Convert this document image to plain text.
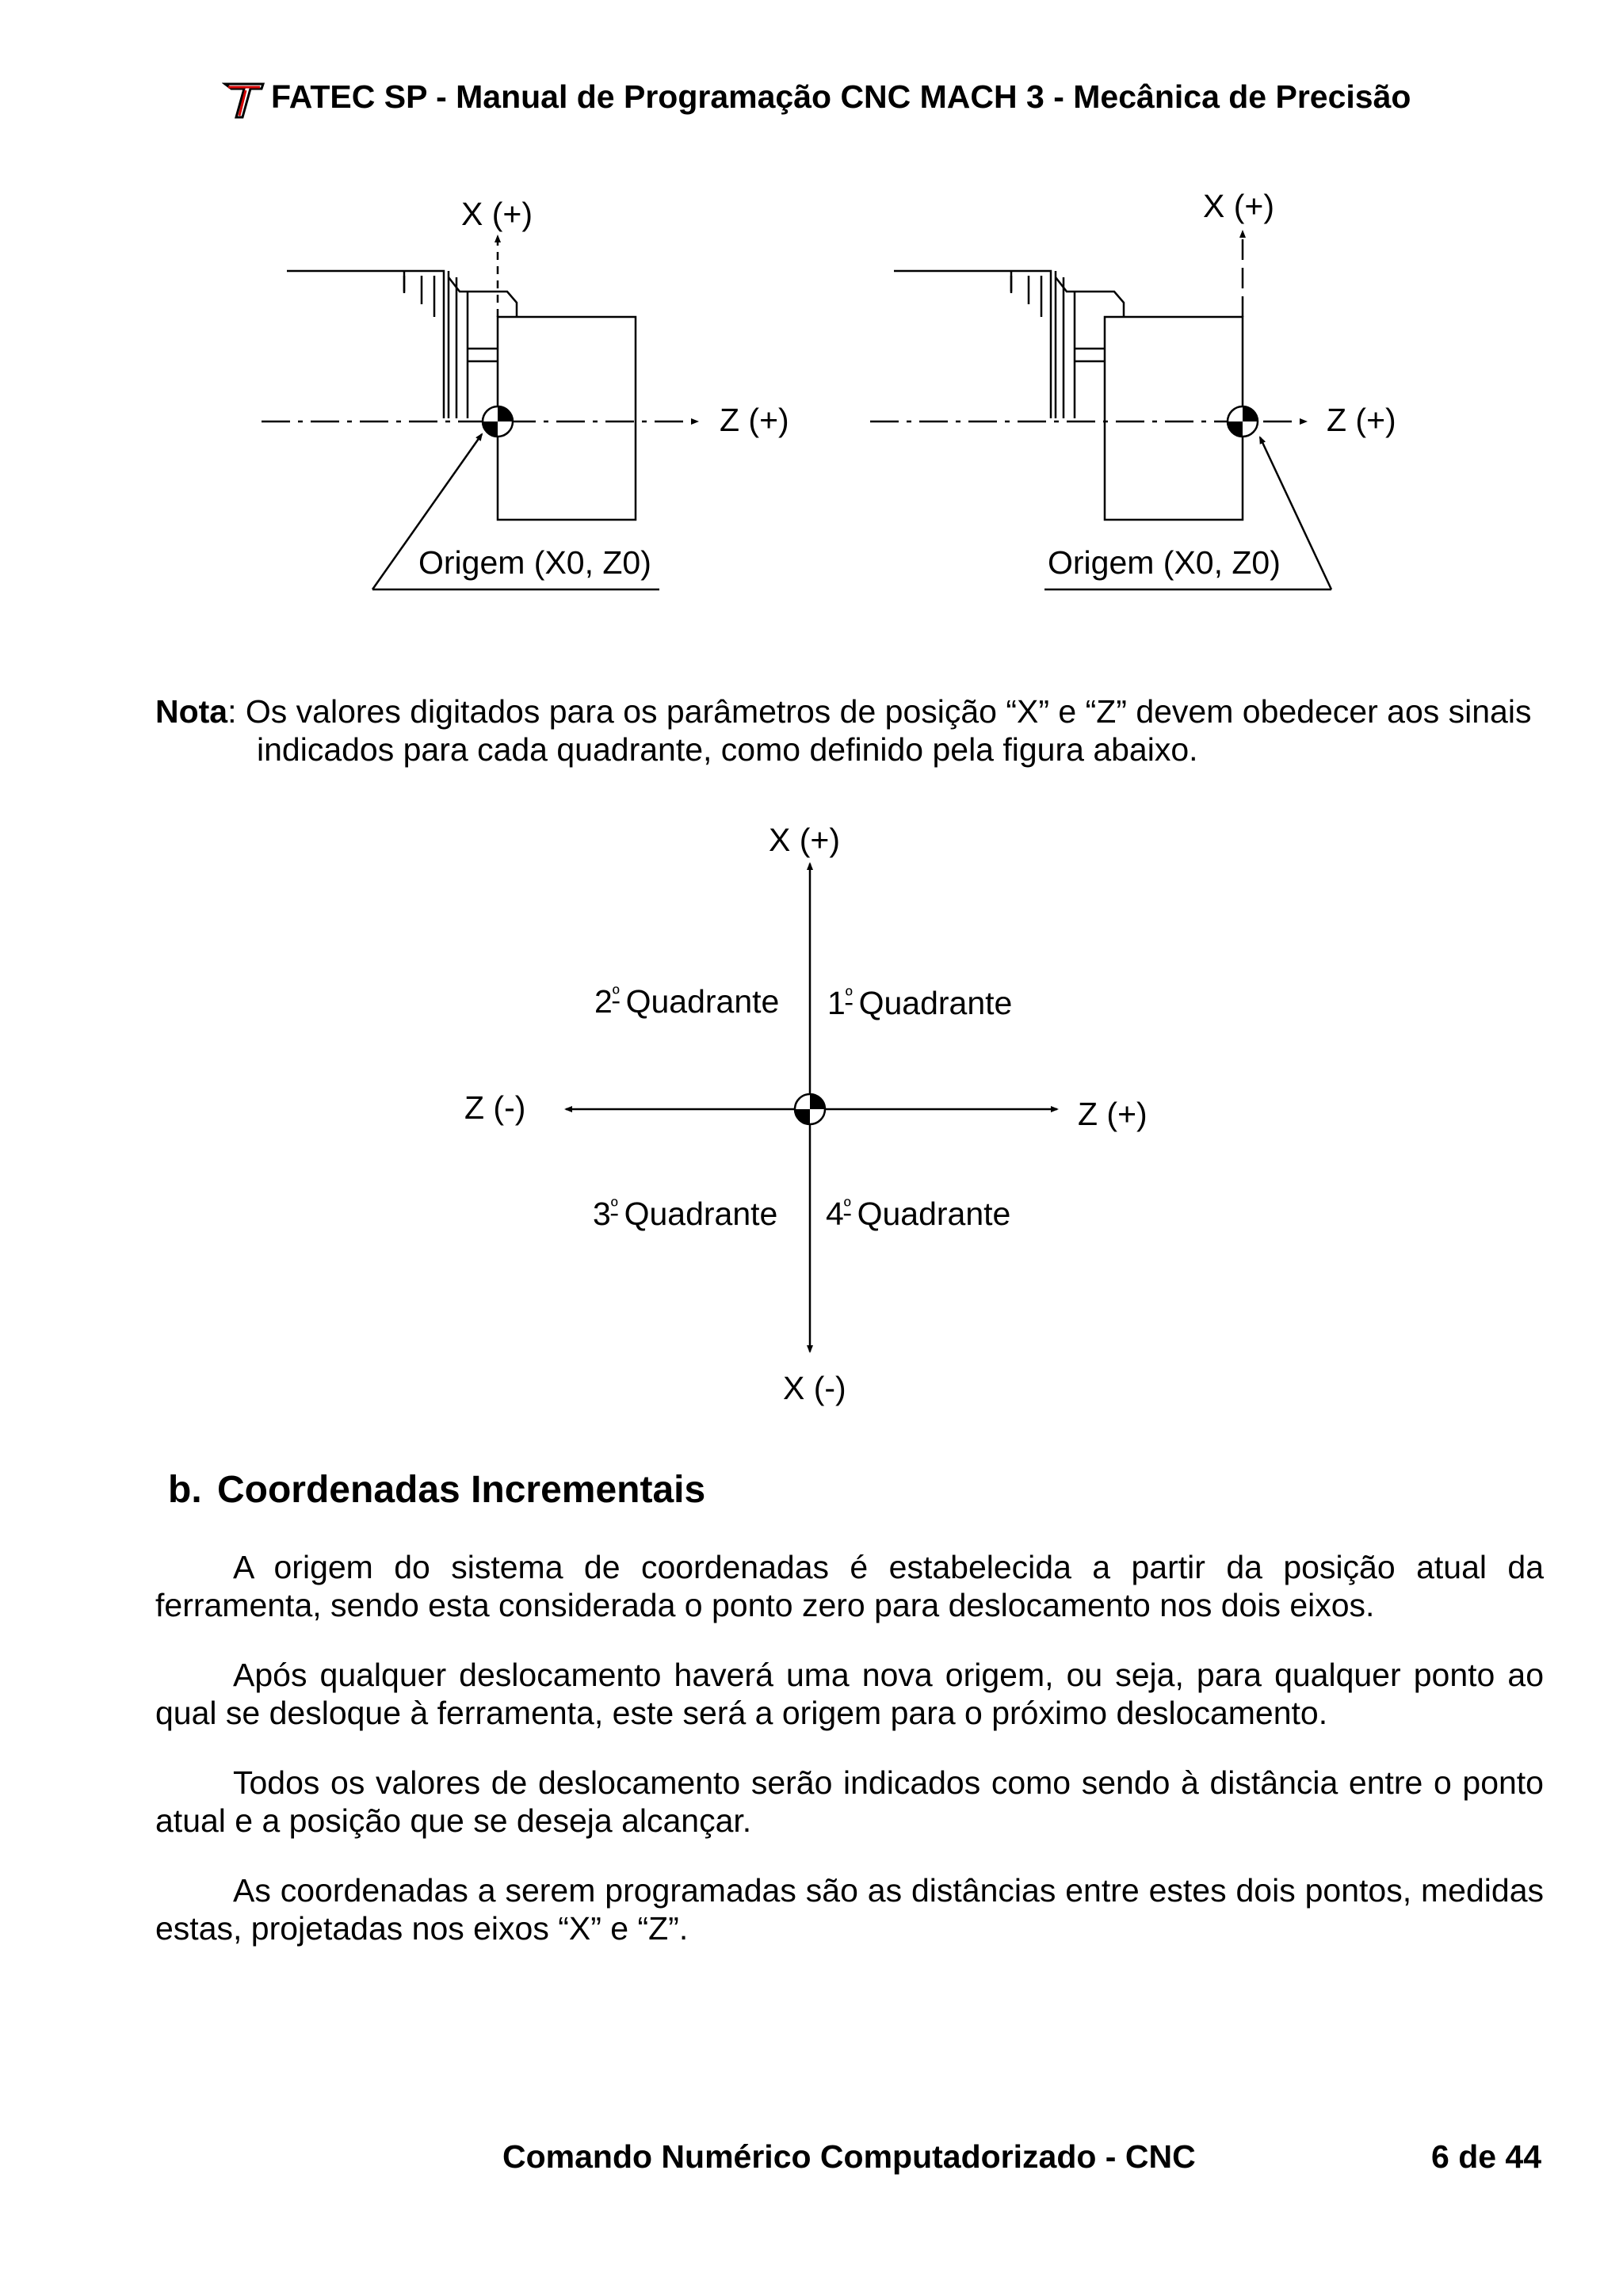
FATEC SP - Manual de Programação CNC MACH 3 - Mecânica de Precisão
X (+)
Z (+)
Origem (X0, Z0)
X (+)
Z (+)
Origem (X0, Z0)
X (+)
X (-)
Z (+)
Z (-)
$1^º$ Quadrante
$2^º$ Quadrante
$3^º$ Quadrante $4^º$ Quadrante
Nota: Os valores digitados para os parâmetros de posição “X” e “Z” devem obedecer aos sinais
indicados para cada quadrante, como definido pela figura abaixo.
b. Coordenadas Incrementais

A origem do sistema de coordenadas é estabelecida a partir da posição atual da ferramenta, sendo esta considerada o ponto zero para deslocamento nos dois eixos.

Após qualquer deslocamento haverá uma nova origem, ou seja, para qualquer ponto ao qual se desloque à ferramenta, este será a origem para o próximo deslocamento.

Todos os valores de deslocamento serão indicados como sendo à distância entre o ponto atual e a posição que se deseja alcançar.

As coordenadas a serem programadas são as distâncias entre estes dois pontos, medidas estas, projetadas nos eixos “X” e “Z”.

Comando Numérico Computadorizado - CNC	6 de 44
